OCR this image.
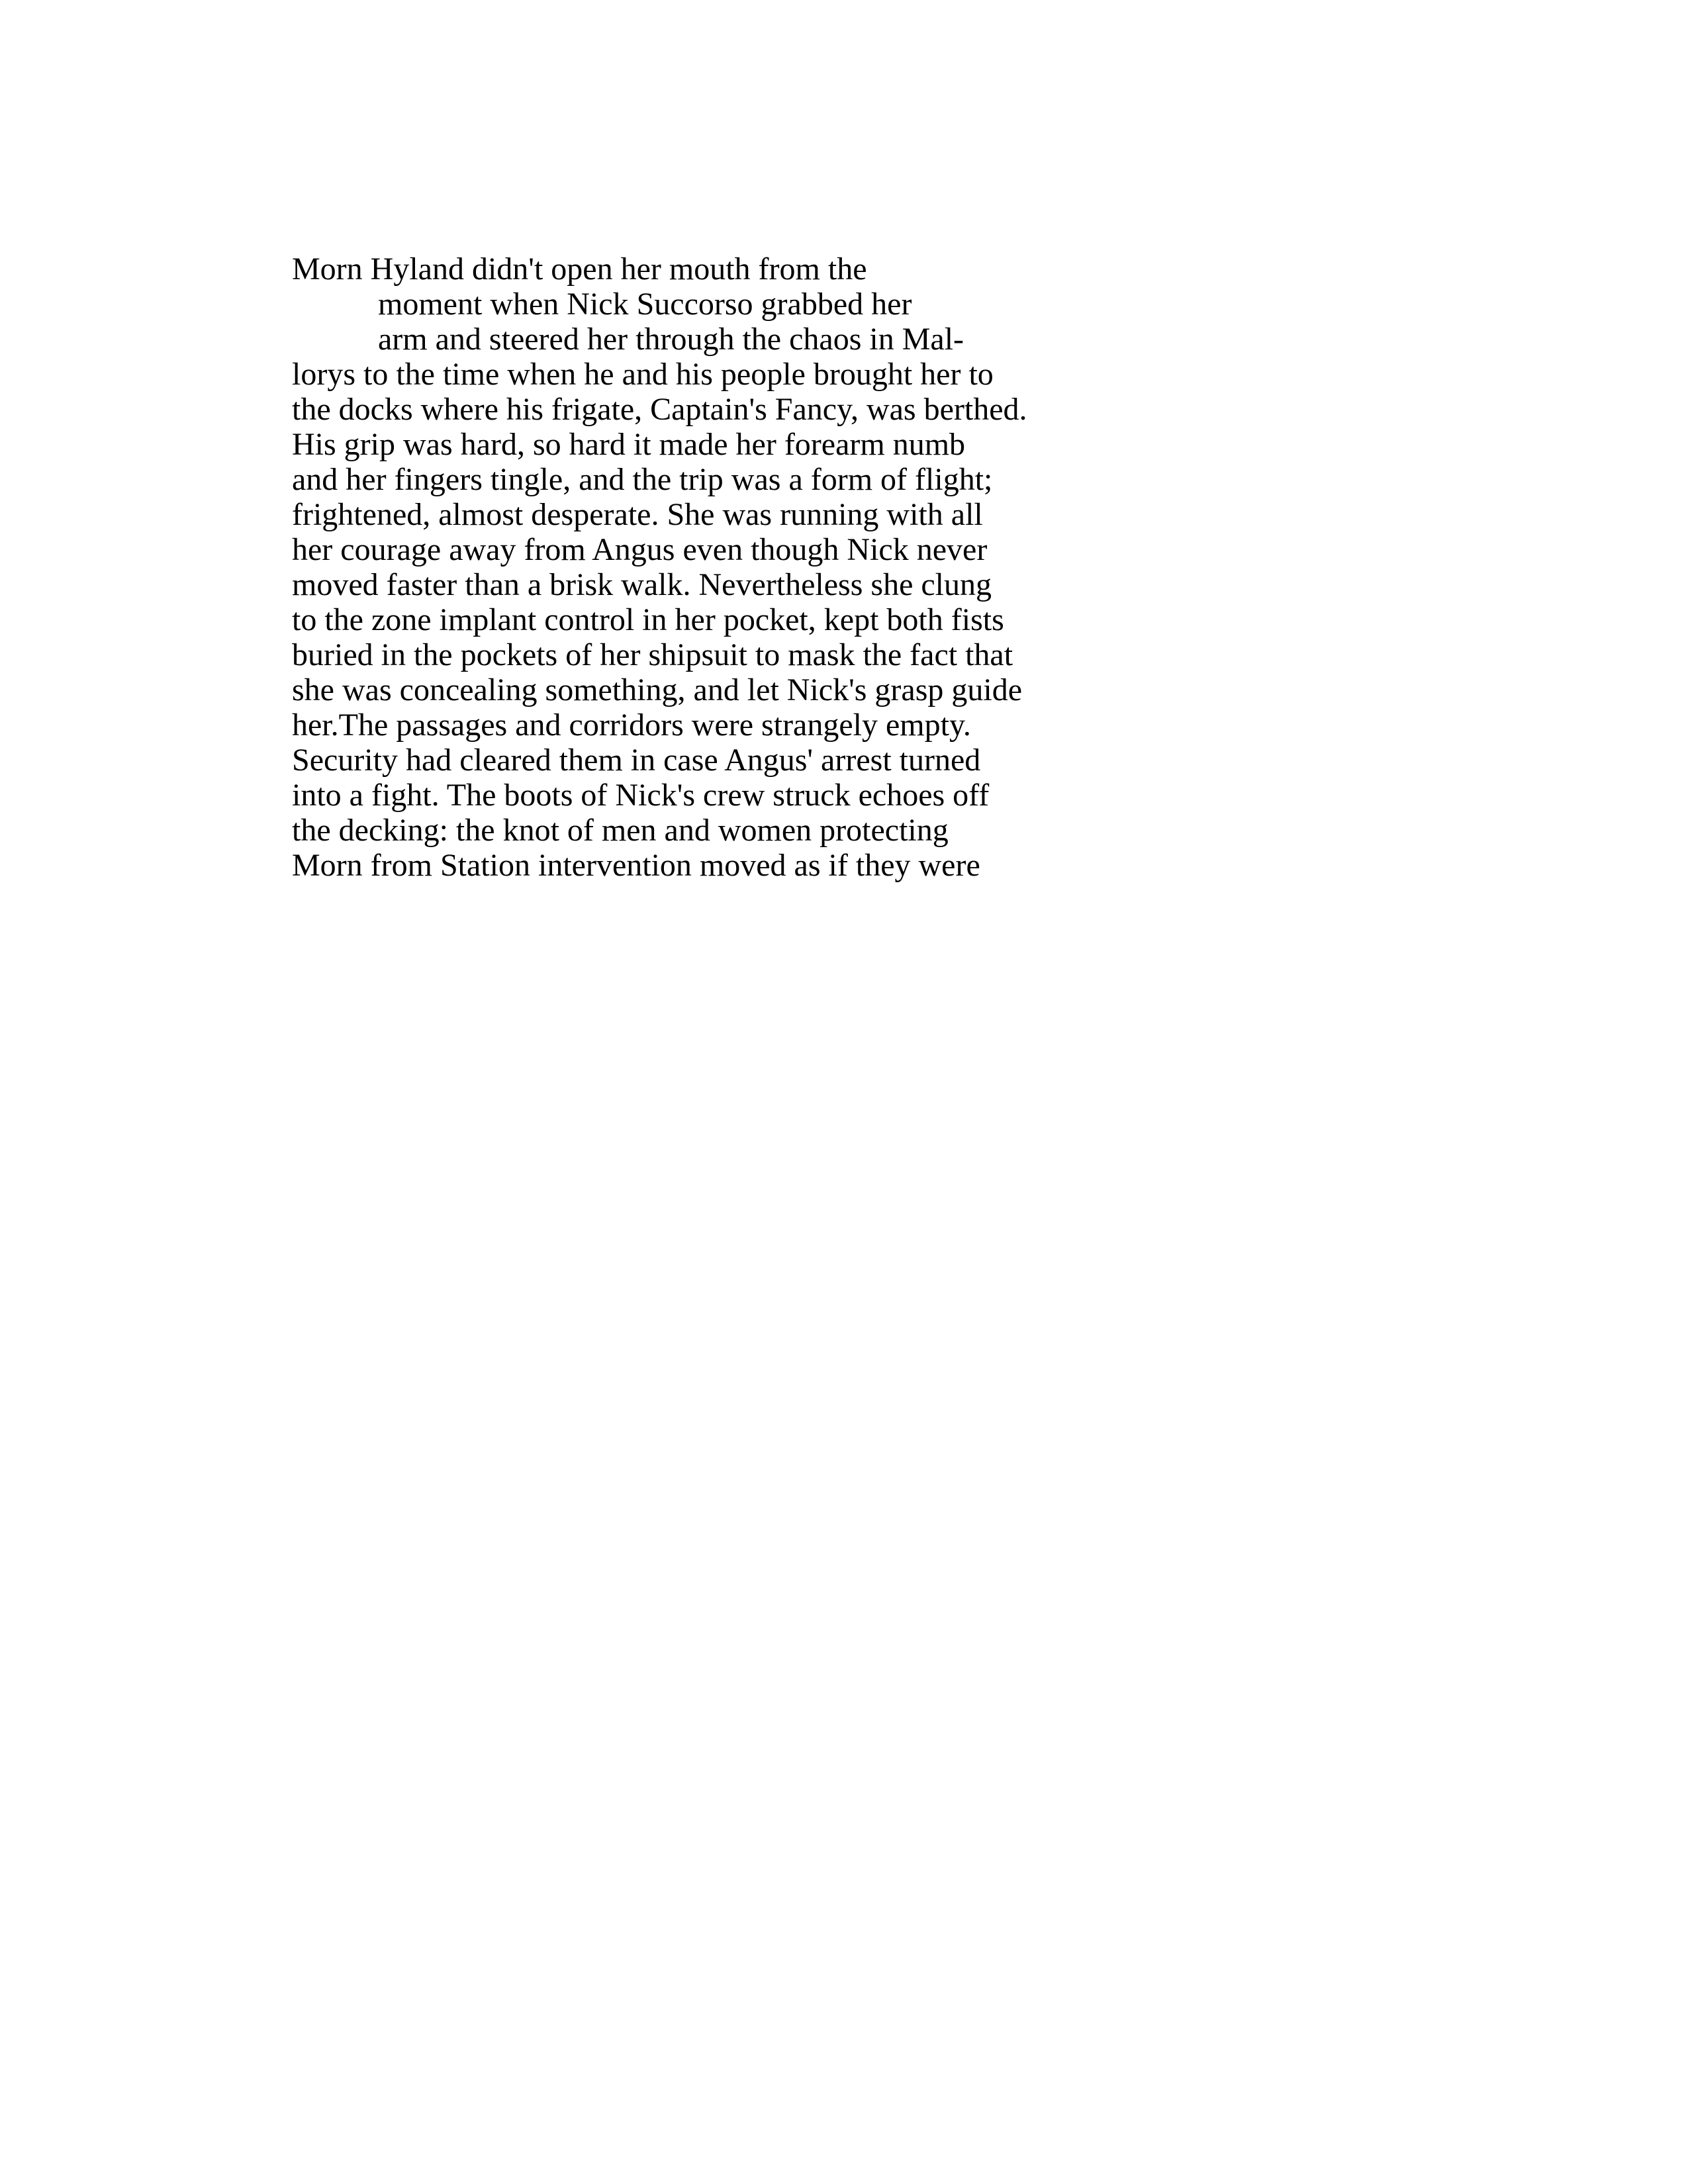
Morn Hyland didn't open her mouth from the
moment when Nick Succorso grabbed her
arm and steered her through the chaos in Mal-
lorys to the time when he and his people brought her to
the docks where his frigate, Captain's Fancy, was berthed.
His grip was hard, so hard it made her forearm numb
and her fingers tingle, and the trip was a form of flight;
frightened, almost desperate. She was running with all
her courage away from Angus even though Nick never
moved faster than a brisk walk. Nevertheless she clung
to the zone implant control in her pocket, kept both fists
buried in the pockets of her shipsuit to mask the fact that
she was concealing something, and let Nick's grasp guide
her.The passages and corridors were strangely empty.
Security had cleared them in case Angus' arrest turned
into a fight. The boots of Nick's crew struck echoes off
the decking: the knot of men and women protecting
Morn from Station intervention moved as if they were
